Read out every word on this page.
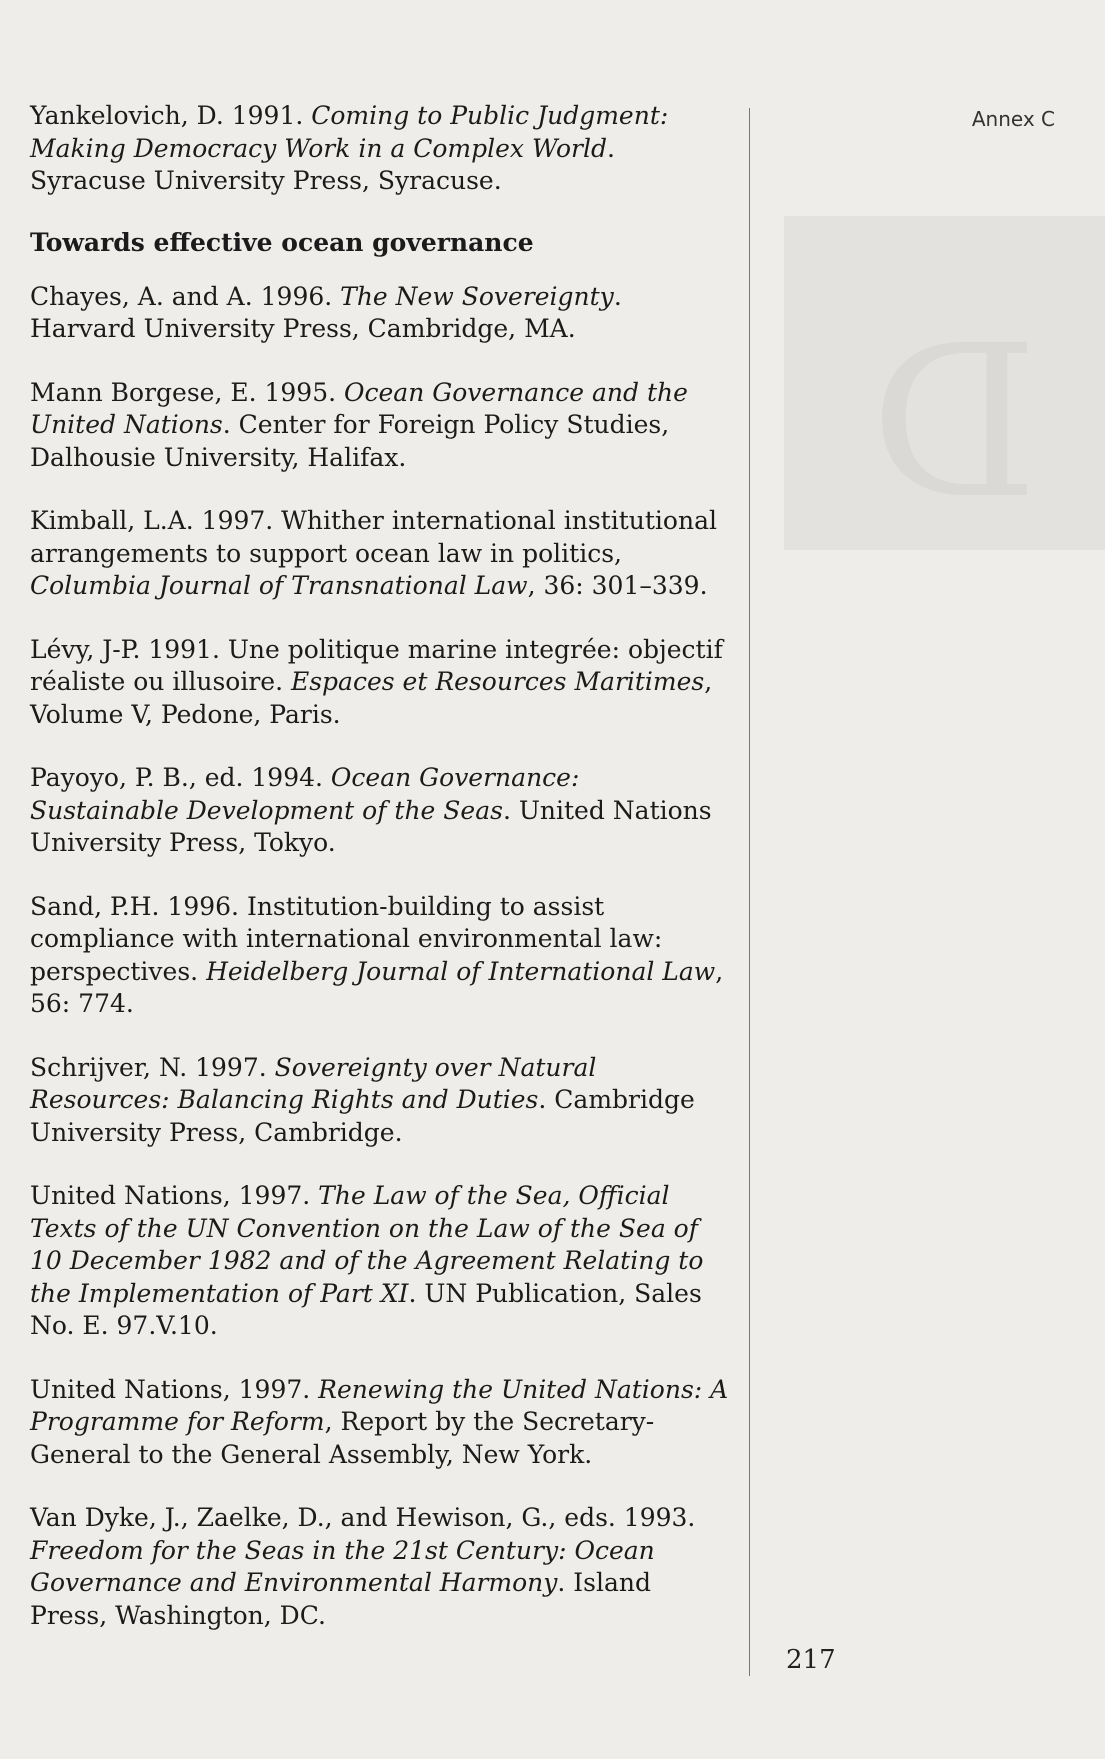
D
Annex C

Yankelovich, D. 1991. Coming to Public Judgment: Making Democracy Work in a Complex World. Syracuse University Press, Syracuse.

Towards effective ocean governance

Chayes, A. and A. 1996. The New Sovereignty. Harvard University Press, Cambridge, MA.

Mann Borgese, E. 1995. Ocean Governance and the United Nations. Center for Foreign Policy Studies, Dalhousie University, Halifax.

Kimball, L.A. 1997. Whither international institutional arrangements to support ocean law in politics, Columbia Journal of Transnational Law, 36: 301–339.

Lévy, J-P. 1991. Une politique marine integrée: objectif réaliste ou illusoire. Espaces et Resources Maritimes, Volume V, Pedone, Paris.

Payoyo, P. B., ed. 1994. Ocean Governance: Sustainable Development of the Seas. United Nations University Press, Tokyo.

Sand, P.H. 1996. Institution-building to assist compliance with international environmental law: perspectives. Heidelberg Journal of International Law, 56: 774.

Schrijver, N. 1997. Sovereignty over Natural Resources: Balancing Rights and Duties. Cambridge University Press, Cambridge.

United Nations, 1997. The Law of the Sea, Official Texts of the UN Convention on the Law of the Sea of 10 December 1982 and of the Agreement Relating to the Implementation of Part XI. UN Publication, Sales No. E. 97.V.10.

United Nations, 1997. Renewing the United Nations: A Programme for Reform, Report by the Secretary-General to the General Assembly, New York.

Van Dyke, J., Zaelke, D., and Hewison, G., eds. 1993. Freedom for the Seas in the 21st Century: Ocean Governance and Environmental Harmony. Island Press, Washington, DC.

217
